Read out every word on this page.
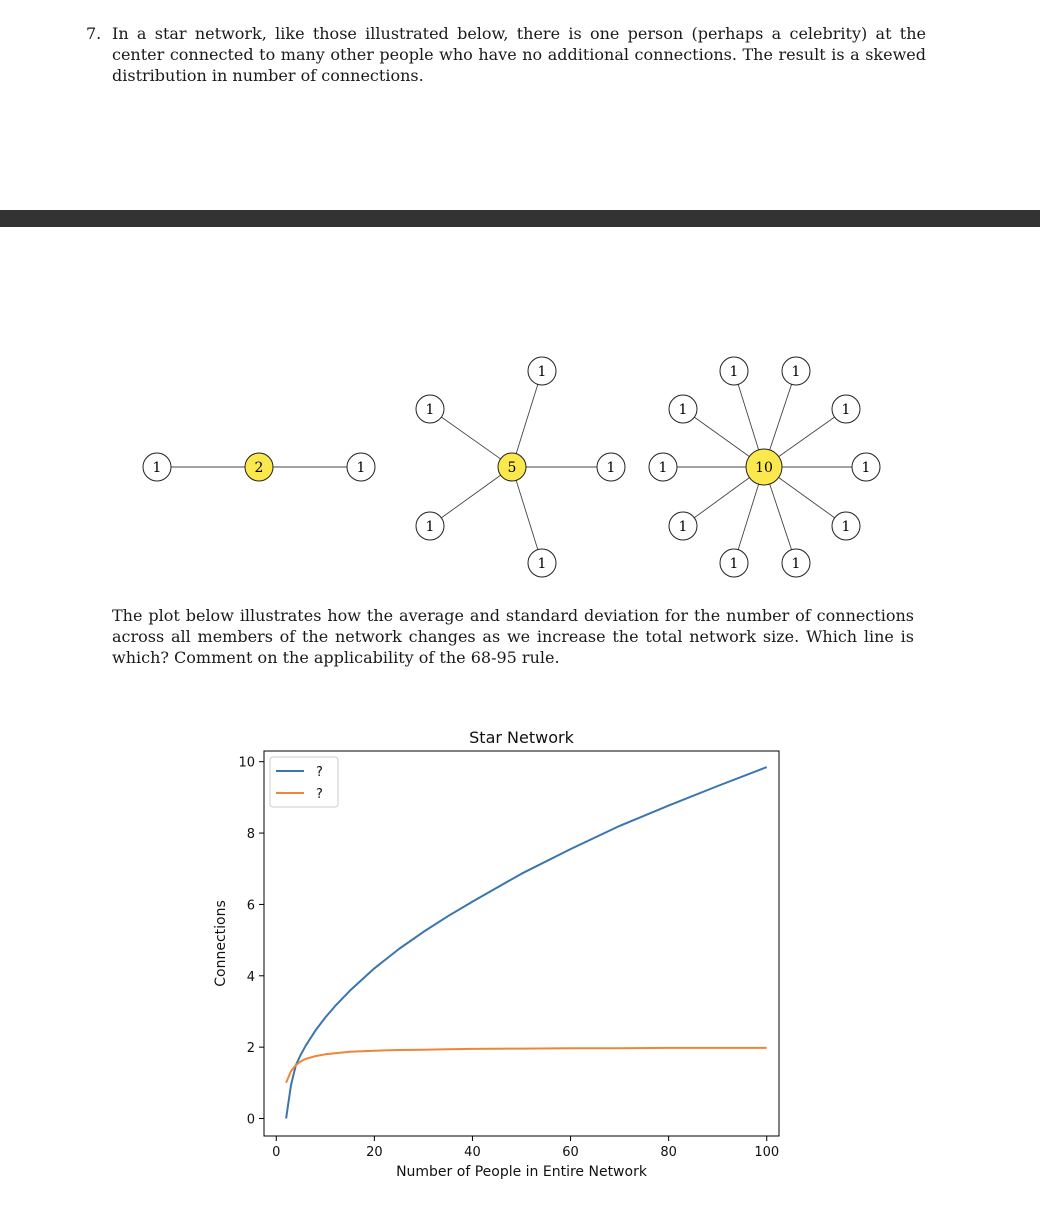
7. In a star network, like those illustrated below, there is one person (perhaps a celebrity) at the center connected to many other people who have no additional connections. The result is a skewed distribution in number of connections.
2
1	1	5
1
1
1
1
1
10
1	1
1	1
1	1
1	1
1	1

The plot below illustrates how the average and standard deviation for the number of connections across all members of the network changes as we increase the total network size. Which line is which? Comment on the applicability of the 68-95 rule.

Star Network
0	20	40	60	80	100
0
2
4
6
8
10
Number of People in Entire Network
Connections
?
?
